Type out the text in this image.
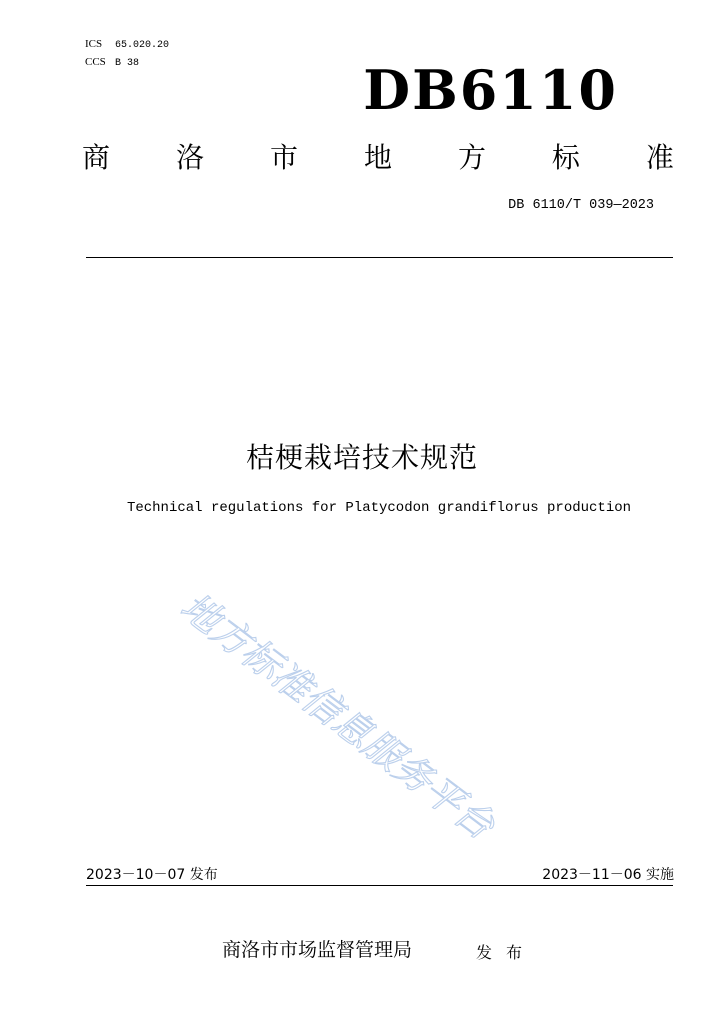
ICS 65.020.20
CCS B 38	DB6110
商 洛 市 地 方 标 准
DB 6110/T 039—2023
桔梗栽培技术规范
Technical regulations for Platycodon grandiflorus production
地方标准信息服务平台
2023－10－07 发布	2023－11－06 实施
商洛市市场监督管理局	发布
